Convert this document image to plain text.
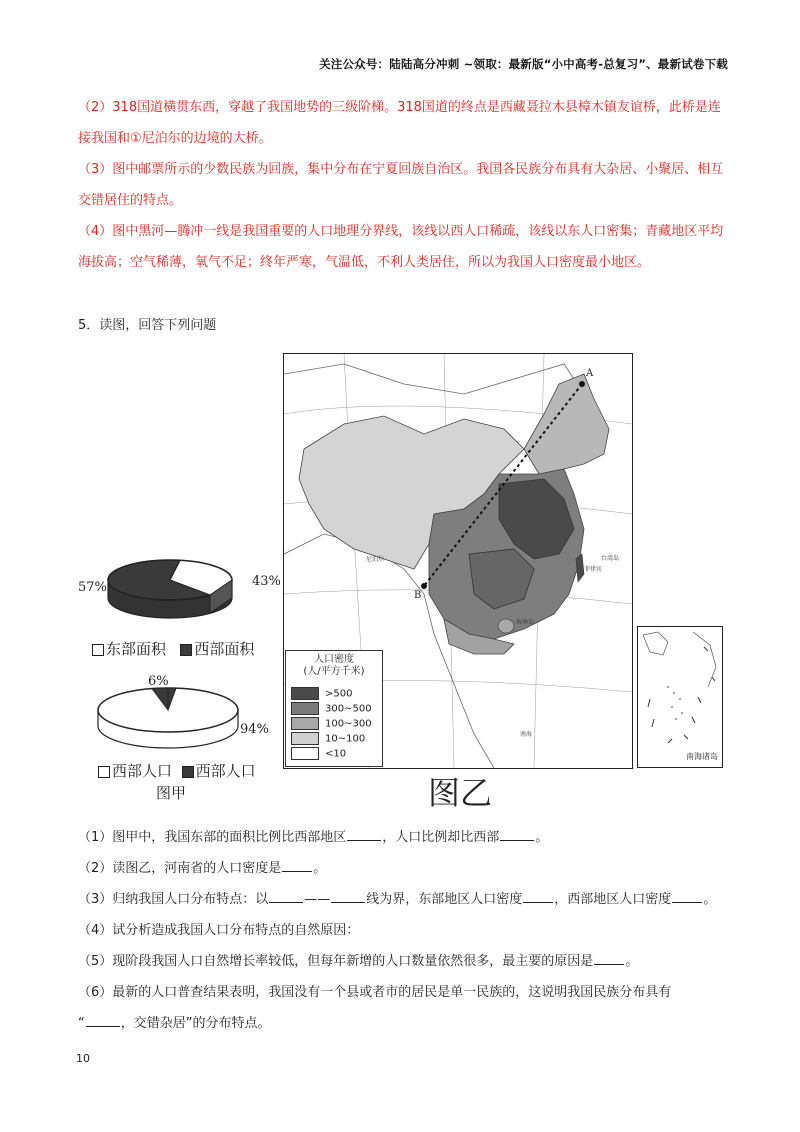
关注公众号：陆陆高分冲刺 ~领取：最新版“小中高考-总复习”、最新试卷下载
（2）318国道横贯东西，穿越了我国地势的三级阶梯。318国道的终点是西藏聂拉木县樟木镇友谊桥，此桥是连接我国和①尼泊尔的边境的大桥。
（3）图中邮票所示的少数民族为回族，集中分布在宁夏回族自治区。我国各民族分布具有大杂居、小聚居、相互交错居住的特点。
（4）图中黑河—腾冲一线是我国重要的人口地理分界线，该线以西人口稀疏，该线以东人口密集；青藏地区平均海拔高；空气稀薄，氧气不足；终年严寒，气温低，不利人类居住，所以为我国人口密度最小地区。
5．读图，回答下列问题
57%	43%
东部面积 西部面积
6%
94%
西部人口 西部人口
图甲
A
B
台湾岛
海南岛
菲律宾
尼泊尔
南海
人口密度
(人/平方千米)
>500
300~500
100~300
10~100
<10	南海诸岛
图乙
（1）图甲中，我国东部的面积比例比西部地区	，人口比例却比西部	。
（2）读图乙，河南省的人口密度是 。
（3）归纳我国人口分布特点：以	——	线为界，东部地区人口密度 ，西部地区人口密度 。
（4）试分析造成我国人口分布特点的自然原因：
（5）现阶段我国人口自然增长率较低，但每年新增的人口数量依然很多，最主要的原因是 。
（6）最新的人口普查结果表明，我国没有一个县或者市的居民是单一民族的，这说明我国民族分布具有
“	，交错杂居”的分布特点。
10
